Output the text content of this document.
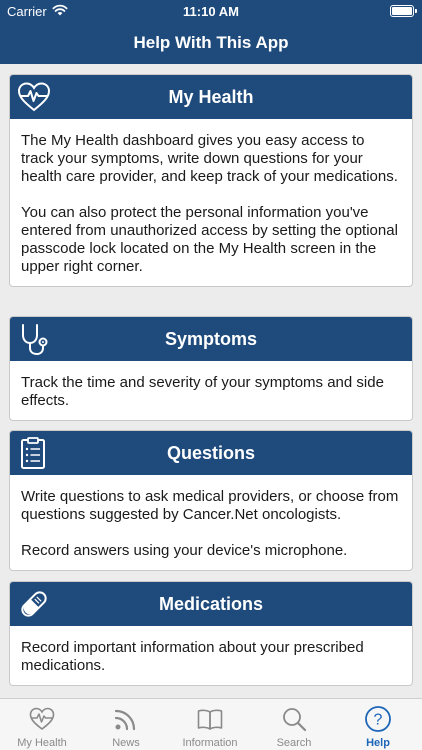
Carrier	11:10 AM
Help With This App
My Health

The My Health dashboard gives you easy access to track your symptoms, write down questions for your health care provider, and keep track of your medications.

You can also protect the personal information you've entered from unauthorized access by setting the optional passcode lock located on the My Health screen in the upper right corner.

Symptoms

Track the time and severity of your symptoms and side effects.

Questions

Write questions to ask medical providers, or choose from questions suggested by Cancer.Net oncologists.

Record answers using your device's microphone.

Medications

Record important information about your prescribed medications.

My Health	News	Information	Search
?
Help
